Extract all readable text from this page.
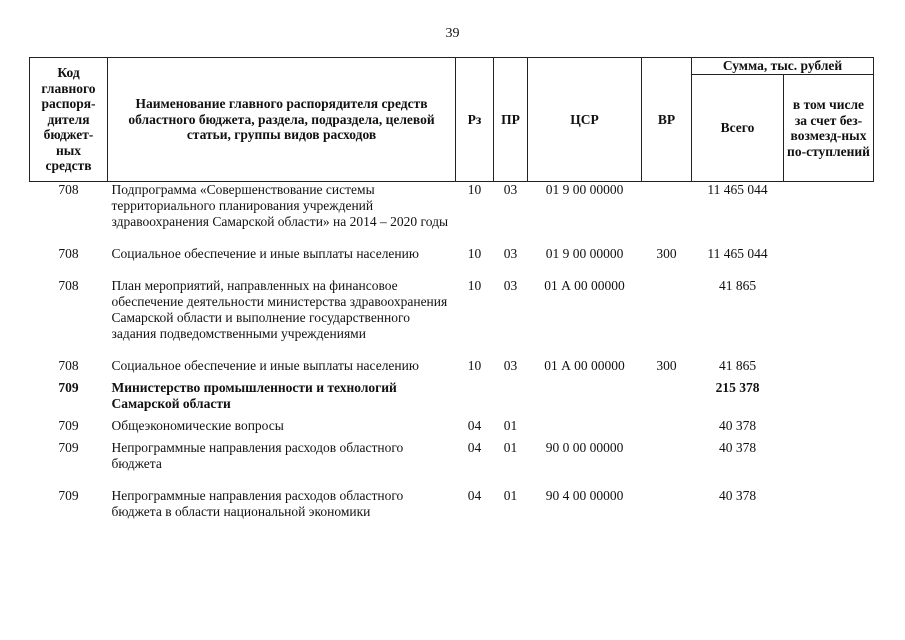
39
Код главного распоря-дителя бюджет-ных средств	Наименование главного распорядителя средств областного бюджета, раздела, подраздела, целевой статьи, группы видов расходов	Рз	ПР	ЦСР	ВР	Сумма, тыс. рублей	
						Всего	в том числе за счет без-возмезд-ных по-ступлений
708	Подпрограмма «Совершенствование системы территориального планирования учреждений здравоохранения Самарской области» на 2014 – 2020 годы	10	03	01 9 00 00000		11 465 044	
708	Социальное обеспечение и иные выплаты населению	10	03	01 9 00 00000	300	11 465 044	
708	План мероприятий, направленных на финансовое обеспечение деятельности министерства здравоохранения Самарской области и выполнение государственного задания подведомственными учреждениями	10	03	01 А 00 00000		41 865	
708	Социальное обеспечение и иные выплаты населению	10	03	01 А 00 00000	300	41 865	
709	Министерство промышленности и технологий Самарской области					215 378	
709	Общеэкономические вопросы	04	01			40 378	
709	Непрограммные направления расходов областного бюджета	04	01	90 0 00 00000		40 378	
709	Непрограммные направления расходов областного бюджета в области национальной экономики	04	01	90 4 00 00000		40 378	
